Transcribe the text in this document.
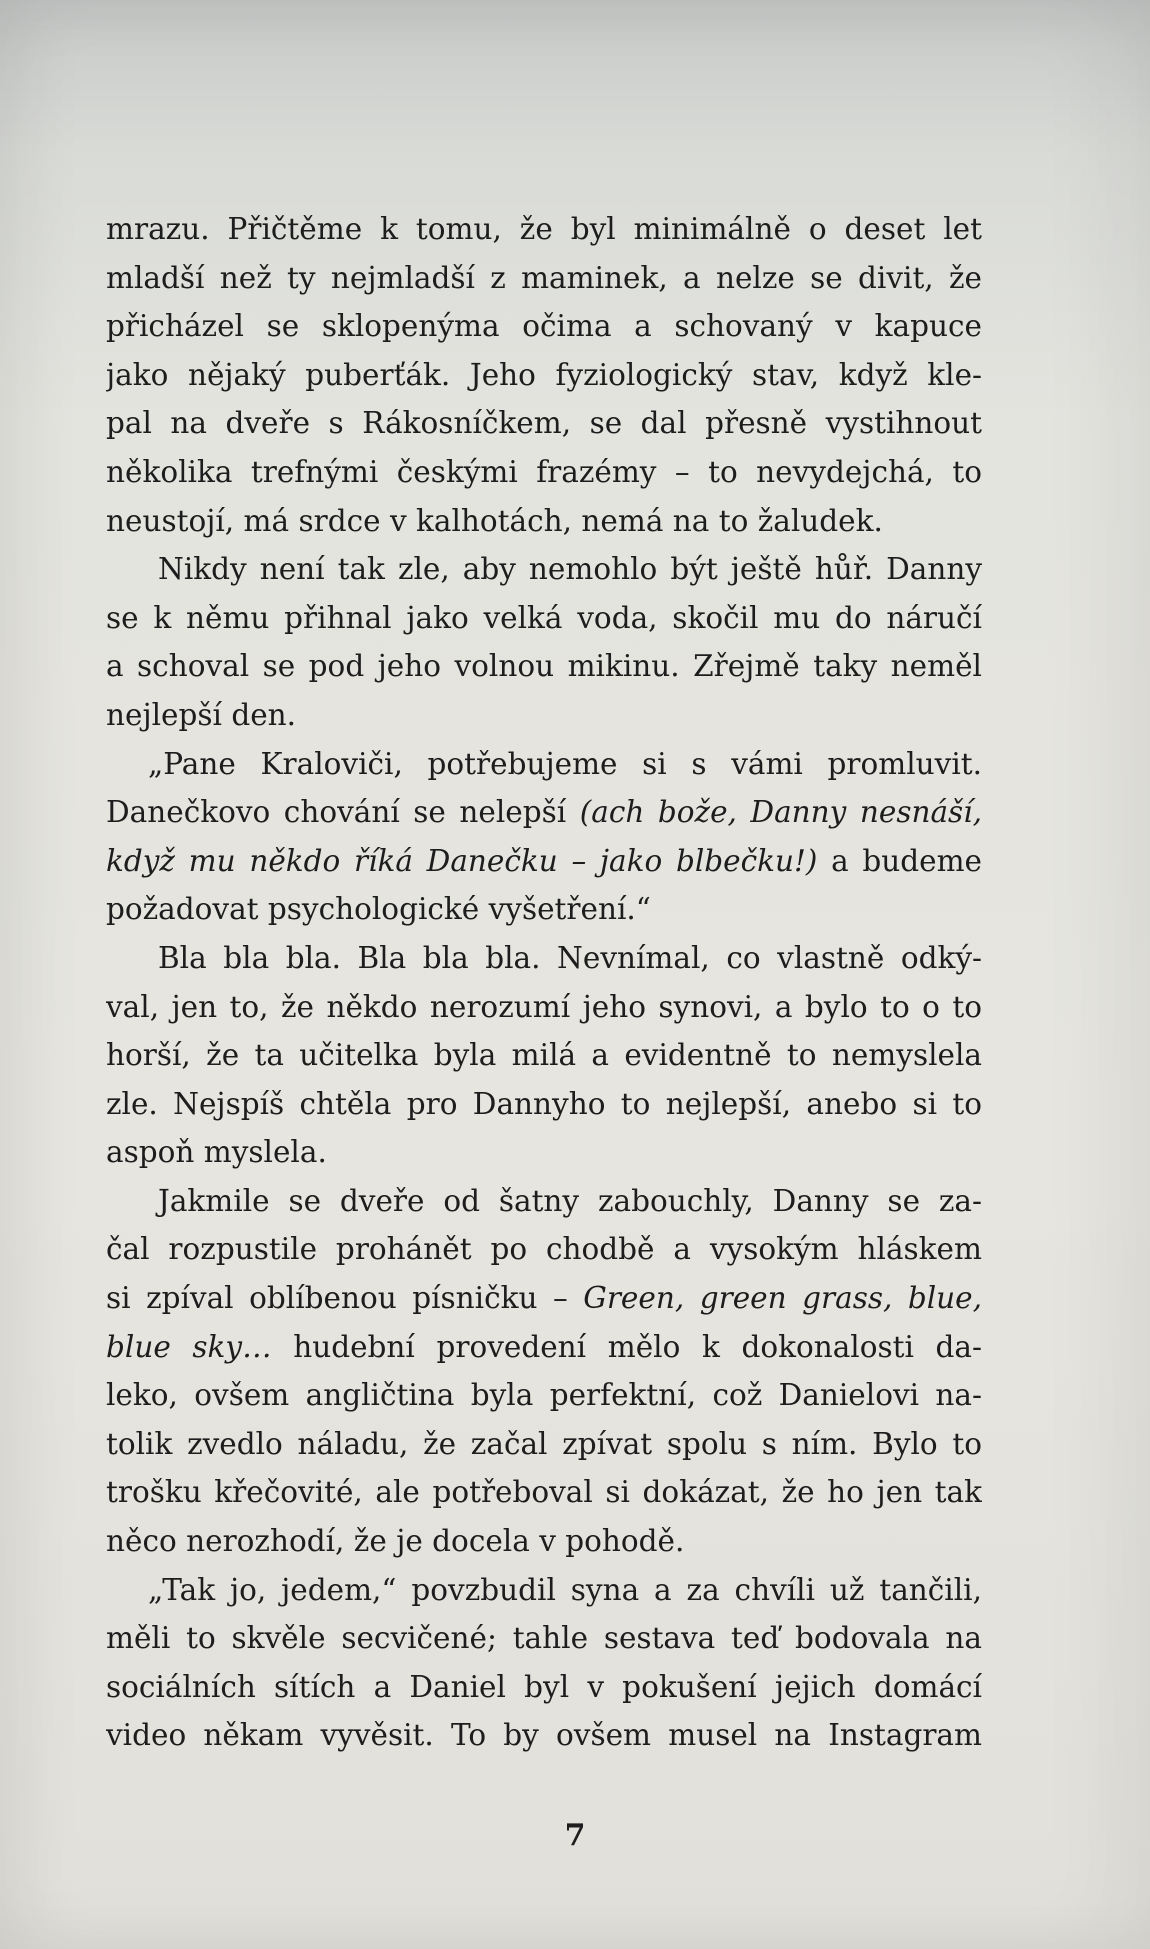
mrazu. Přičtěme k tomu, že byl minimálně o deset let
mladší než ty nejmladší z maminek, a nelze se divit, že
přicházel se sklopenýma očima a schovaný v kapuce
jako nějaký puberťák. Jeho fyziologický stav, když kle-
pal na dveře s Rákosníčkem, se dal přesně vystihnout
několika trefnými českými frazémy – to nevydejchá, to
neustojí, má srdce v kalhotách, nemá na to žaludek.
Nikdy není tak zle, aby nemohlo být ještě hůř. Danny
se k němu přihnal jako velká voda, skočil mu do náručí
a schoval se pod jeho volnou mikinu. Zřejmě taky neměl
nejlepší den.
„Pane Kraloviči, potřebujeme si s vámi promluvit.
Danečkovo chování se nelepší (ach bože, Danny nesnáší,
když mu někdo říká Danečku – jako blbečku!) a budeme
požadovat psychologické vyšetření.“
Bla bla bla. Bla bla bla. Nevnímal, co vlastně odký-
val, jen to, že někdo nerozumí jeho synovi, a bylo to o to
horší, že ta učitelka byla milá a evidentně to nemyslela
zle. Nejspíš chtěla pro Dannyho to nejlepší, anebo si to
aspoň myslela.
Jakmile se dveře od šatny zabouchly, Danny se za-
čal rozpustile prohánět po chodbě a vysokým hláskem
si zpíval oblíbenou písničku – Green, green grass, blue,
blue sky… hudební provedení mělo k dokonalosti da-
leko, ovšem angličtina byla perfektní, což Danielovi na-
tolik zvedlo náladu, že začal zpívat spolu s ním. Bylo to
trošku křečovité, ale potřeboval si dokázat, že ho jen tak
něco nerozhodí, že je docela v pohodě.
„Tak jo, jedem,“ povzbudil syna a za chvíli už tančili,
měli to skvěle secvičené; tahle sestava teď bodovala na
sociálních sítích a Daniel byl v pokušení jejich domácí
video někam vyvěsit. To by ovšem musel na Instagram
7
